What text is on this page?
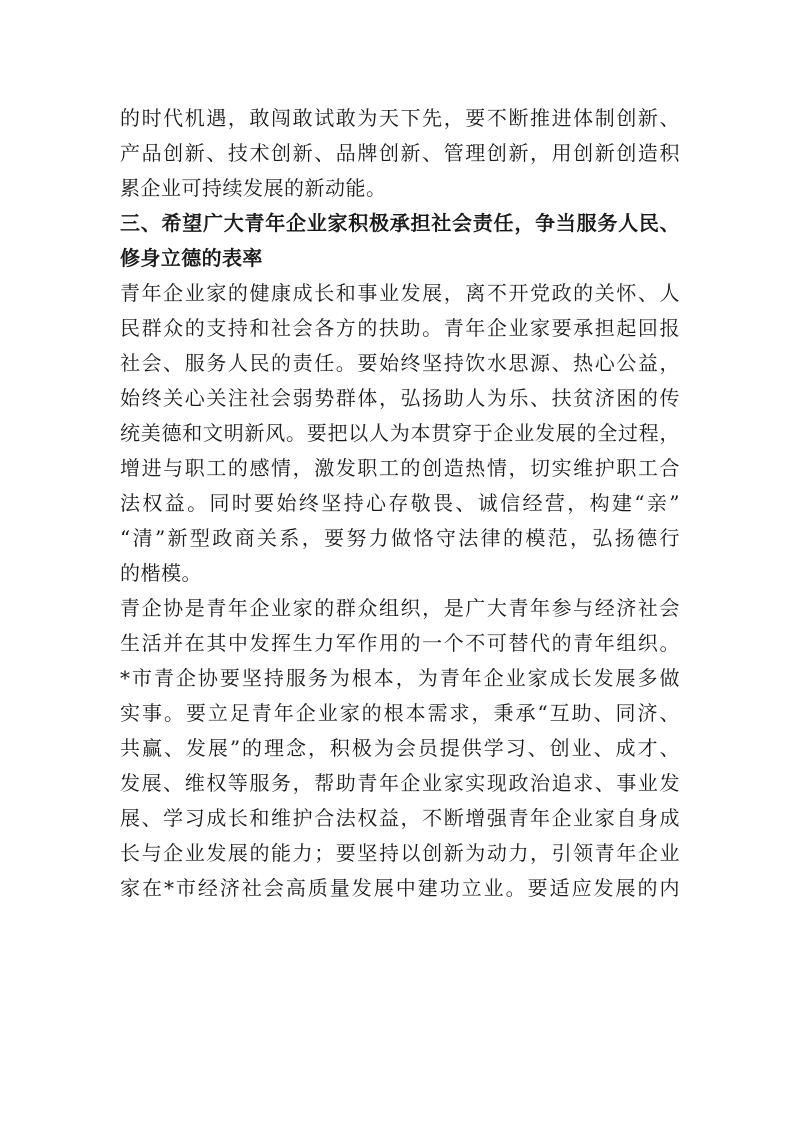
的时代机遇，敢闯敢试敢为天下先，要不断推进体制创新、
产品创新、技术创新、品牌创新、管理创新，用创新创造积
累企业可持续发展的新动能。
三、希望广大青年企业家积极承担社会责任，争当服务人民、
修身立德的表率
青年企业家的健康成长和事业发展，离不开党政的关怀、人
民群众的支持和社会各方的扶助。青年企业家要承担起回报
社会、服务人民的责任。要始终坚持饮水思源、热心公益，
始终关心关注社会弱势群体，弘扬助人为乐、扶贫济困的传
统美德和文明新风。要把以人为本贯穿于企业发展的全过程，
增进与职工的感情，激发职工的创造热情，切实维护职工合
法权益。同时要始终坚持心存敬畏、诚信经营，构建“亲”
“清”新型政商关系，要努力做恪守法律的模范，弘扬德行
的楷模。
青企协是青年企业家的群众组织，是广大青年参与经济社会
生活并在其中发挥生力军作用的一个不可替代的青年组织。
*市青企协要坚持服务为根本，为青年企业家成长发展多做
实事。要立足青年企业家的根本需求，秉承“互助、同济、
共赢、发展”的理念，积极为会员提供学习、创业、成才、
发展、维权等服务，帮助青年企业家实现政治追求、事业发
展、学习成长和维护合法权益，不断增强青年企业家自身成
长与企业发展的能力；要坚持以创新为动力，引领青年企业
家在*市经济社会高质量发展中建功立业。要适应发展的内
